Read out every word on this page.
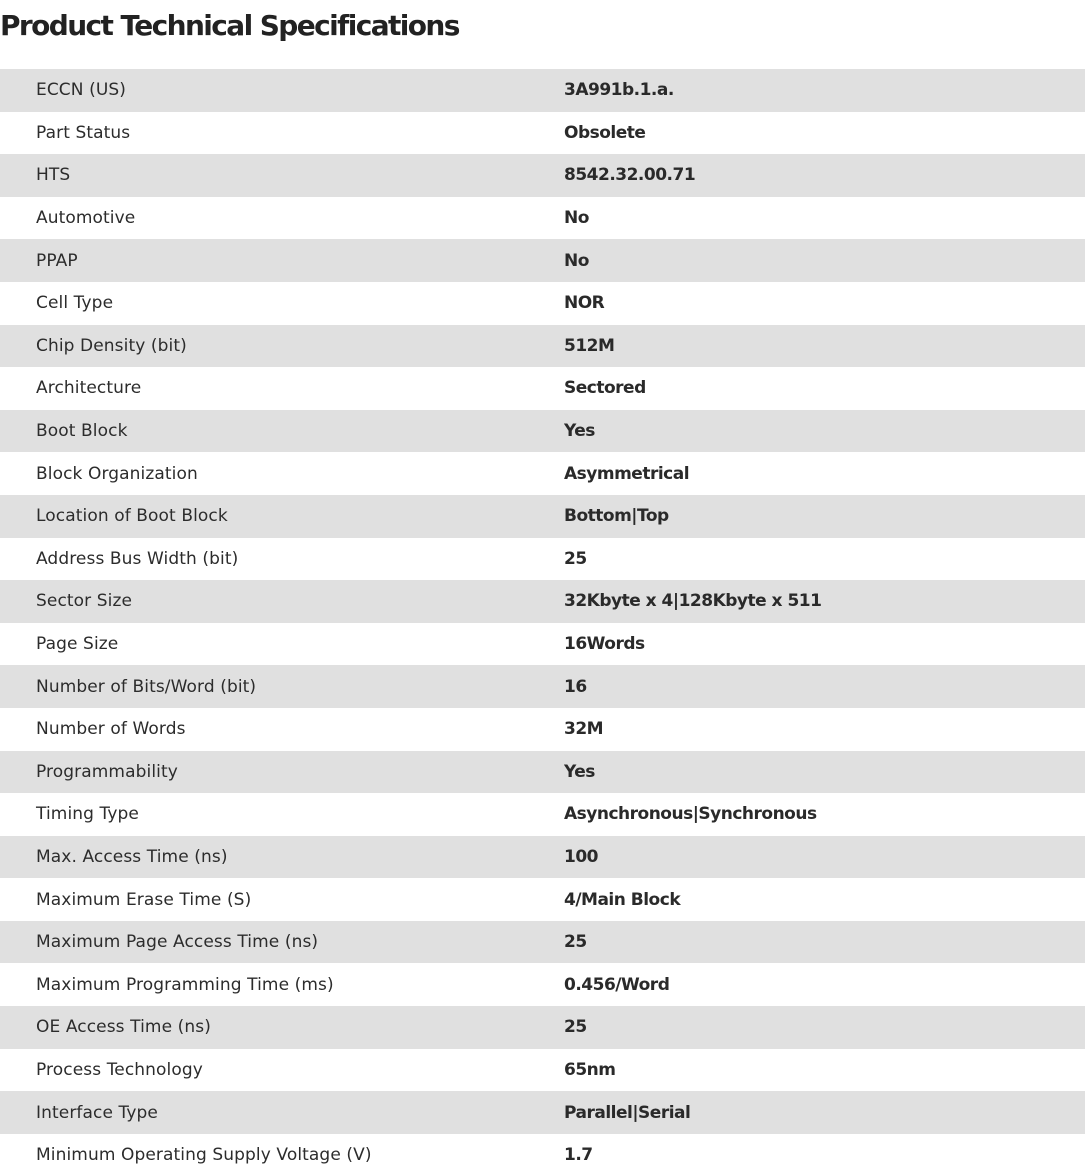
Product Technical Specifications
ECCN (US)	3A991b.1.a.
Part Status	Obsolete
HTS	8542.32.00.71
Automotive	No
PPAP	No
Cell Type	NOR
Chip Density (bit)	512M
Architecture	Sectored
Boot Block	Yes
Block Organization	Asymmetrical
Location of Boot Block	Bottom|Top
Address Bus Width (bit)	25
Sector Size	32Kbyte x 4|128Kbyte x 511
Page Size	16Words
Number of Bits/Word (bit)	16
Number of Words	32M
Programmability	Yes
Timing Type	Asynchronous|Synchronous
Max. Access Time (ns)	100
Maximum Erase Time (S)	4/Main Block
Maximum Page Access Time (ns)	25
Maximum Programming Time (ms)	0.456/Word
OE Access Time (ns)	25
Process Technology	65nm
Interface Type	Parallel|Serial
Minimum Operating Supply Voltage (V)	1.7
